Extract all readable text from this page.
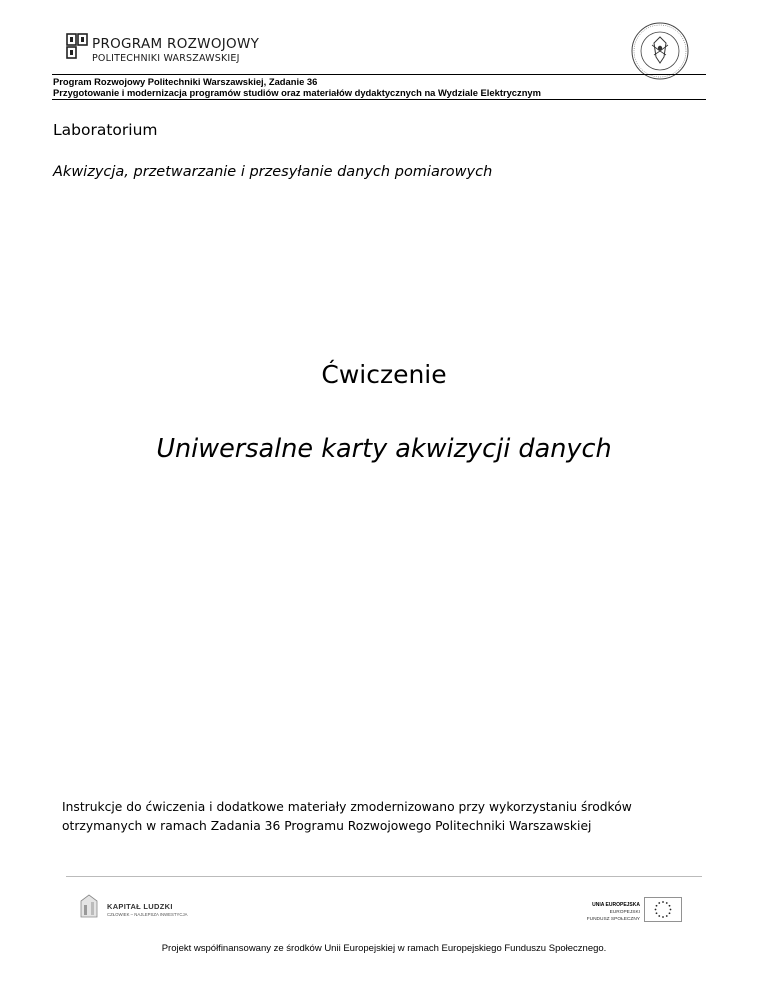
PROGRAM ROZWOJOWY
POLITECHNIKI WARSZAWSKIEJ
Program Rozwojowy Politechniki Warszawskiej, Zadanie 36
Przygotowanie i modernizacja programów studiów oraz materiałów dydaktycznych na Wydziale Elektrycznym
Laboratorium
Akwizycja, przetwarzanie i przesyłanie danych pomiarowych
Ćwiczenie
Uniwersalne karty akwizycji danych
Instrukcje do ćwiczenia i dodatkowe materiały zmodernizowano przy wykorzystaniu środków otrzymanych w ramach Zadania 36 Programu Rozwojowego Politechniki Warszawskiej
KAPITAŁ LUDZKI
CZŁOWIEK – NAJLEPSZA INWESTYCJA
UNIA EUROPEJSKA
EUROPEJSKI
FUNDUSZ SPOŁECZNY
Projekt współfinansowany ze środków Unii Europejskiej w ramach Europejskiego Funduszu Społecznego.
